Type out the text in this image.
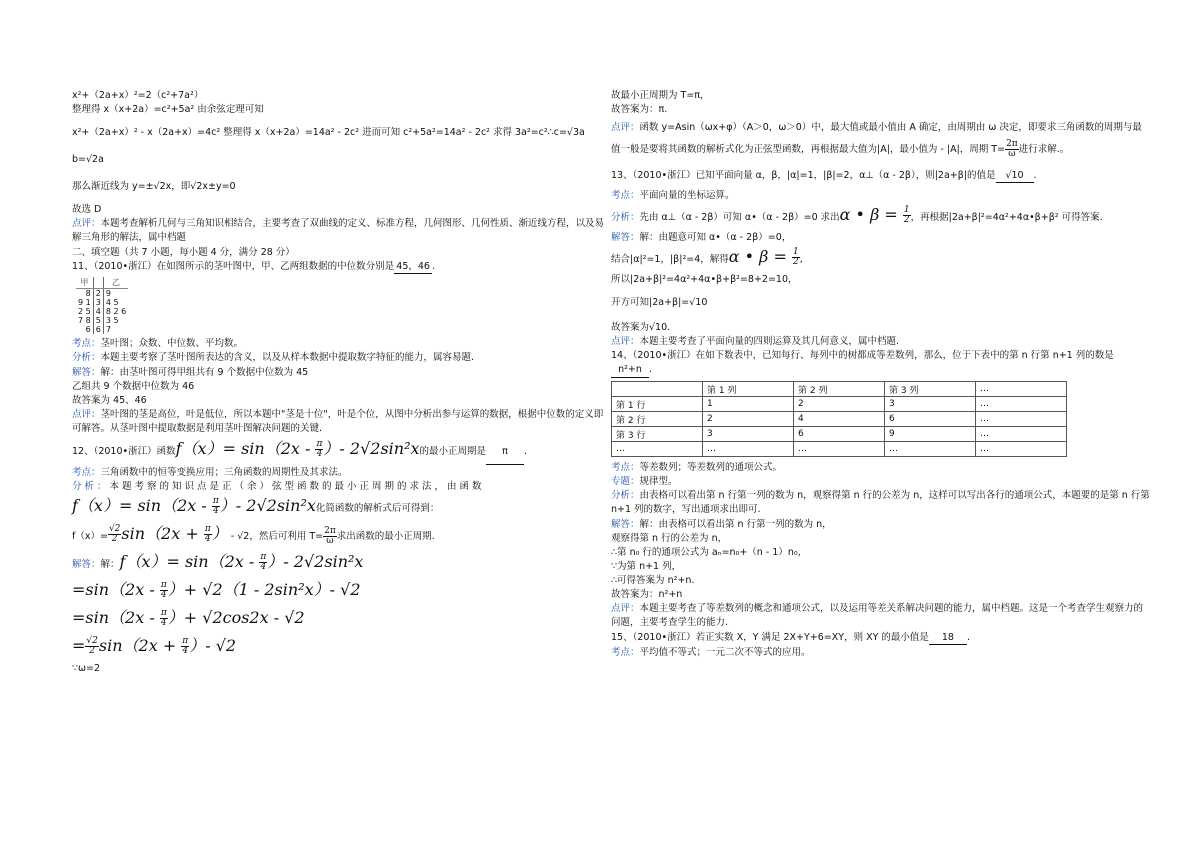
x²+（2a+x）²=2（c²+7a²）
整理得 x（x+2a）=c²+5a² 由余弦定理可知
x²+（2a+x）² - x（2a+x）=4c² 整理得 x（x+2a）=14a² - 2c² 进而可知 c²+5a²=14a² - 2c² 求得 3a²=c²∴c=√3a
b=√2a
那么渐近线为 y=±√2x，即√2x±y=0
故选 D
点评：本题考查解析几何与三角知识相结合，主要考查了双曲线的定义、标准方程，几何图形、几何性质、渐近线方程，以及易解三角形的解法，属中档题
二、填空题（共 7 小题，每小题 4 分，满分 28 分）
11、（2010•浙江）在如图所示的茎叶图中，甲、乙两组数据的中位数分别是 45，46 .
甲		乙
8	2	9
9 1	3	4 5
2 5	4	8 2 6
7 8	5	3 5
6	6	7
考点：茎叶图；众数、中位数、平均数。
分析：本题主要考察了茎叶图所表达的含义，以及从样本数据中提取数字特征的能力，属容易题.
解答：解：由茎叶图可得甲组共有 9 个数据中位数为 45
乙组共 9 个数据中位数为 46
故答案为 45、46
点评：茎叶图的茎是高位，叶是低位，所以本题中"茎是十位"，叶是个位，从图中分析出参与运算的数据，根据中位数的定义即可解答。从茎叶图中提取数据是利用茎叶图解决问题的关键.
12、（2010•浙江）函数$f(x)= \sin(2x - \frac{\pi}{4}$ ）- 2√2sin²x的最小正周期是 π .
考点：三角函数中的恒等变换应用；三角函数的周期性及其求法。
分析：本题考察的知识点是正（余）弦型函数的最小正周期的求法，由函数
$f(x)= \sin(2x - \frac{\pi}{4}$ ）- 2√2sin²x化简函数的解析式后可得到：
$f(x)= \frac{√2}{2} \sin(2x + \frac{\pi}{4}$ ） - √2，然后可利用 $T= \frac{2\pi}{\omega}$ 求出函数的最小正周期.
解答：解：$f(x)= \sin(2x - \frac{\pi}{4}$ ）- 2√2sin²x
$=\sin(2x - \frac{\pi}{4}$ ）+ √2（1 - 2sin²x）- √2
$=\sin(2x - \frac{\pi}{4}$ ）+ √2cos2x - √2
= $\frac{√2}{2} \sin(2x + \frac{\pi}{4}$ ）- √2
∵ω=2
故最小正周期为 T=π，
故答案为：π.
点评：函数 y=Asin（ωx+φ）（A＞0，ω＞0）中，最大值或最小值由 A 确定，由周期由 ω 决定，即要求三角函数的周期与最值一般是要将其函数的解析式化为正弦型函数，再根据最大值为|A|，最小值为 - |A|，周期 $T= \frac{2\pi}{\omega}$ 进行求解.。
13、（2010•浙江）已知平面向量 α，β，|α|=1，|β|=2，α⊥（α - 2β），则|2a+β|的值是 √10 .
考点：平面向量的坐标运算。
分析：先由 α⊥（α - 2β）可知 α•（α - 2β）=0 求出α • $\beta = \frac{1}{2}$ ，再根据|2a+β|²=4α²+4α•β+β² 可得答案.
解答：解：由题意可知 α•（α - 2β）=0，
结合|α|²=1，|β|²=4，解得α • $\beta = \frac{1}{2}$ ,
所以|2a+β|²=4α²+4α•β+β²=8+2=10，
开方可知|2a+β|=√10
故答案为√10.
点评：本题主要考查了平面向量的四则运算及其几何意义，属中档题.
14、（2010•浙江）在如下数表中，已知每行、每列中的树都成等差数列，那么，位于下表中的第 n 行第 n+1 列的数是n²+n .
	第 1 列	第 2 列	第 3 列	…
第 1 行	1	2	3	…
第 2 行	2	4	6	…
第 3 行	3	6	9	…
…	…	…	…	…
考点：等差数列；等差数列的通项公式。
专题：规律型。
分析：由表格可以看出第 n 行第一列的数为 n，观察得第 n 行的公差为 n，这样可以写出各行的通项公式，本题要的是第 n 行第 n+1 列的数字，写出通项求出即可.
解答：解：由表格可以看出第 n 行第一列的数为 n，
观察得第 n 行的公差为 n，
∴第 n₀ 行的通项公式为 aₙ=n₀+（n - 1）n₀，
∵为第 n+1 列，
∴可得答案为 n²+n.
故答案为：n²+n
点评：本题主要考查了等差数列的概念和通项公式，以及运用等差关系解决问题的能力，属中档题。这是一个考查学生观察力的问题，主要考查学生的能力.
15、（2010•浙江）若正实数 X，Y 满足 2X+Y+6=XY，则 XY 的最小值是 18 .
考点：平均值不等式；一元二次不等式的应用。
